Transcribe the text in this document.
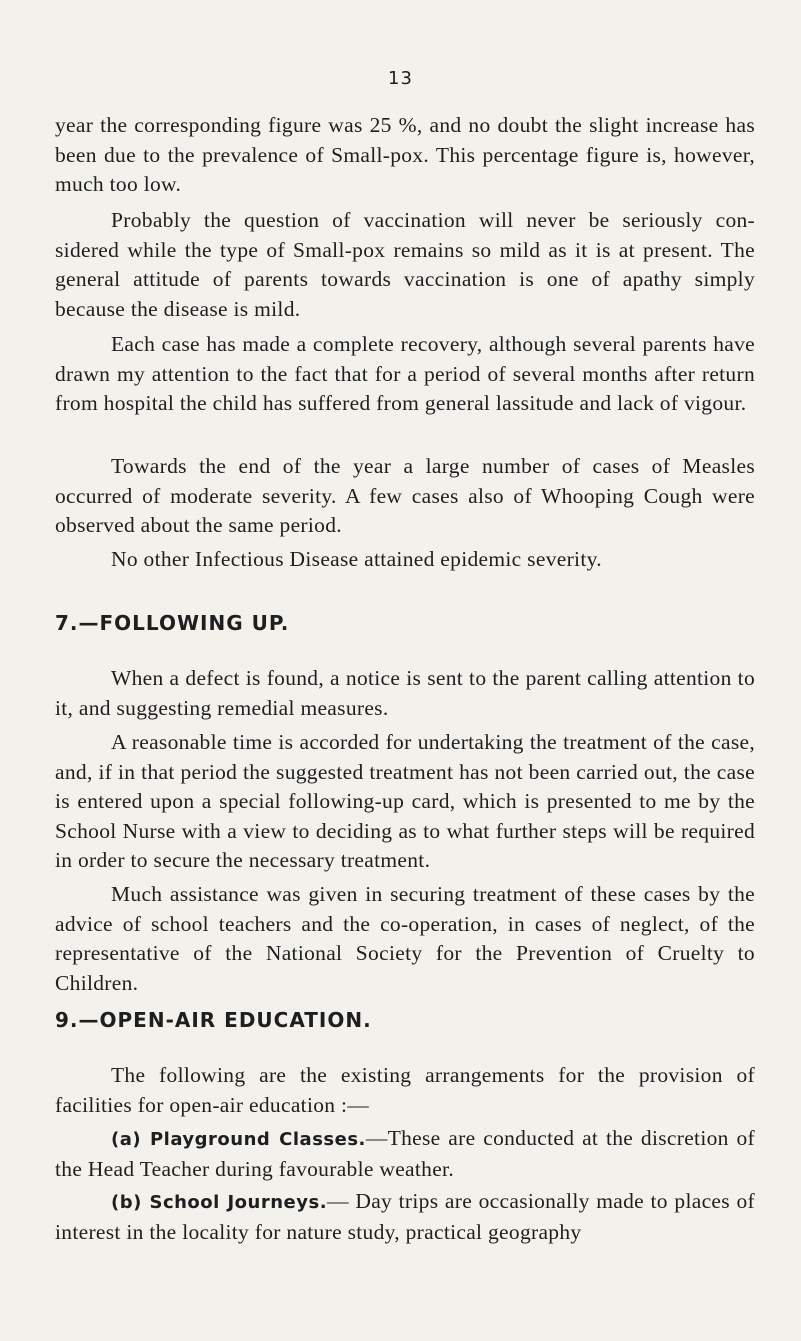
13

year the corresponding figure was 25 %, and no doubt the slight increase has been due to the prevalence of Small-pox. This percentage figure is, however, much too low.

Probably the question of vaccination will never be seriously con- sidered while the type of Small-pox remains so mild as it is at present. The general attitude of parents towards vaccination is one of apathy simply because the disease is mild.

Each case has made a complete recovery, although several parents have drawn my attention to the fact that for a period of several months after return from hospital the child has suffered from general lassitude and lack of vigour.

Towards the end of the year a large number of cases of Measles occurred of moderate severity. A few cases also of Whooping Cough were observed about the same period.

No other Infectious Disease attained epidemic severity.

7.—FOLLOWING UP.

When a defect is found, a notice is sent to the parent calling attention to it, and suggesting remedial measures.

A reasonable time is accorded for undertaking the treatment of the case, and, if in that period the suggested treatment has not been carried out, the case is entered upon a special following-up card, which is presented to me by the School Nurse with a view to deciding as to what further steps will be required in order to secure the necessary treatment.

Much assistance was given in securing treatment of these cases by the advice of school teachers and the co-operation, in cases of neglect, of the representative of the National Society for the Prevention of Cruelty to Children.

9.—OPEN-AIR EDUCATION.

The following are the existing arrangements for the provision of facilities for open-air education :—

(a) Playground Classes.—These are conducted at the discretion of the Head Teacher during favourable weather.

(b) School Journeys.— Day trips are occasionally made to places of interest in the locality for nature study, practical geography
